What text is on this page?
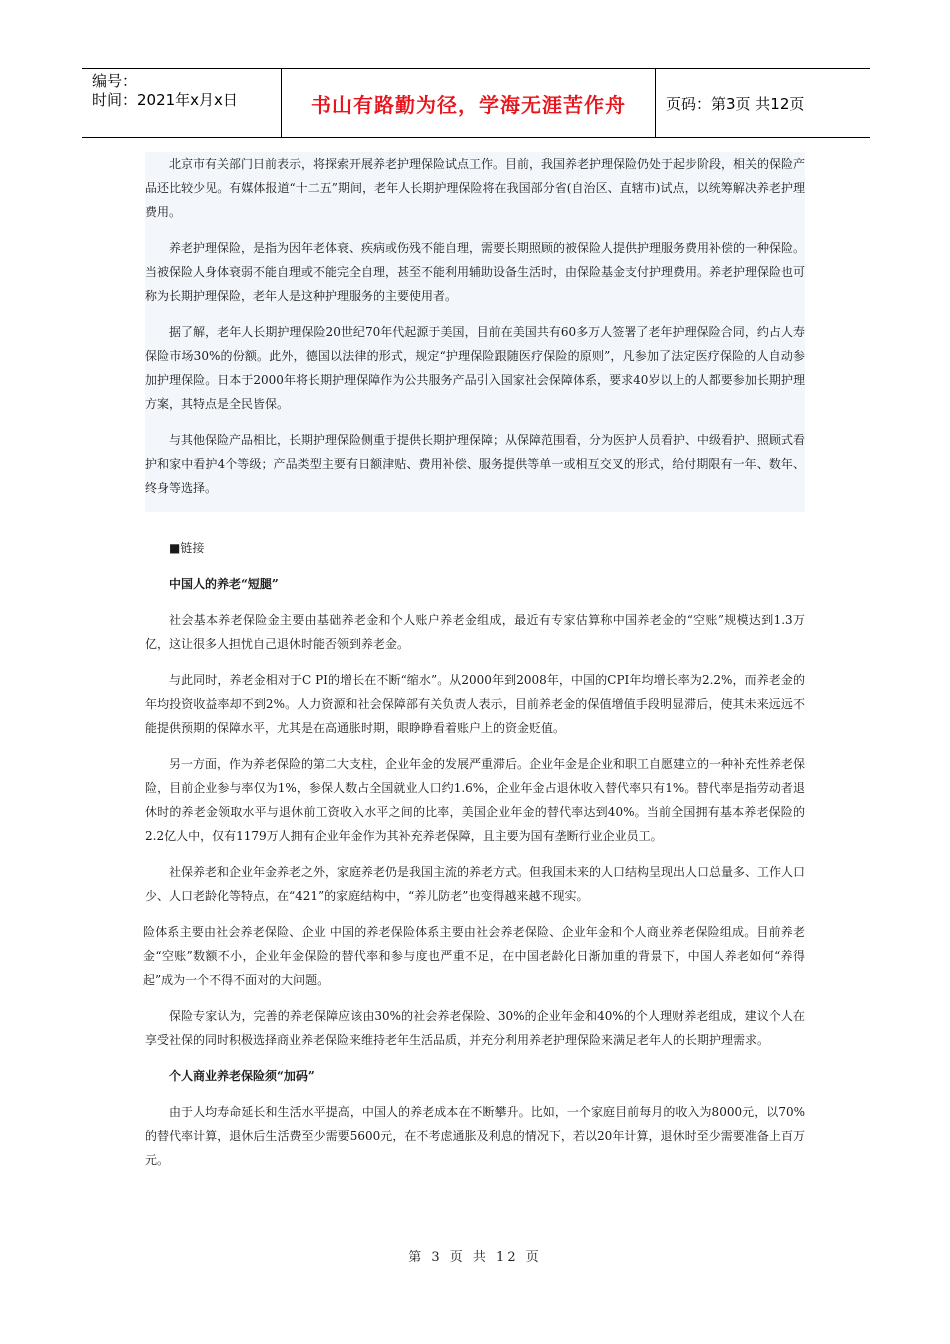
编号：
时间：2021年x月x日	书山有路勤为径，学海无涯苦作舟	页码：第3页 共12页

北京市有关部门日前表示，将探索开展养老护理保险试点工作。目前，我国养老护理保险仍处于起步阶段，相关的保险产品还比较少见。有媒体报道“十二五”期间，老年人长期护理保险将在我国部分省(自治区、直辖市)试点，以统筹解决养老护理费用。

养老护理保险，是指为因年老体衰、疾病或伤残不能自理，需要长期照顾的被保险人提供护理服务费用补偿的一种保险。当被保险人身体衰弱不能自理或不能完全自理，甚至不能利用辅助设备生活时，由保险基金支付护理费用。养老护理保险也可称为长期护理保险，老年人是这种护理服务的主要使用者。

据了解，老年人长期护理保险20世纪70年代起源于美国，目前在美国共有60多万人签署了老年护理保险合同，约占人寿保险市场30%的份额。此外，德国以法律的形式，规定“护理保险跟随医疗保险的原则”，凡参加了法定医疗保险的人自动参加护理保险。日本于2000年将长期护理保障作为公共服务产品引入国家社会保障体系，要求40岁以上的人都要参加长期护理方案，其特点是全民皆保。

与其他保险产品相比，长期护理保险侧重于提供长期护理保障；从保障范围看，分为医护人员看护、中级看护、照顾式看护和家中看护4个等级；产品类型主要有日额津贴、费用补偿、服务提供等单一或相互交叉的形式，给付期限有一年、数年、终身等选择。

■链接

中国人的养老“短腿”

社会基本养老保险金主要由基础养老金和个人账户养老金组成，最近有专家估算称中国养老金的“空账”规模达到1.3万亿，这让很多人担忧自己退休时能否领到养老金。

与此同时，养老金相对于C PI的增长在不断“缩水”。从2000年到2008年，中国的CPI年均增长率为2.2%，而养老金的年均投资收益率却不到2%。人力资源和社会保障部有关负责人表示，目前养老金的保值增值手段明显滞后，使其未来远远不能提供预期的保障水平，尤其是在高通胀时期，眼睁睁看着账户上的资金贬值。

另一方面，作为养老保险的第二大支柱，企业年金的发展严重滞后。企业年金是企业和职工自愿建立的一种补充性养老保险，目前企业参与率仅为1%，参保人数占全国就业人口约1.6%，企业年金占退休收入替代率只有1%。替代率是指劳动者退休时的养老金领取水平与退休前工资收入水平之间的比率，美国企业年金的替代率达到40%。当前全国拥有基本养老保险的2.2亿人中，仅有1179万人拥有企业年金作为其补充养老保障，且主要为国有垄断行业企业员工。

社保养老和企业年金养老之外，家庭养老仍是我国主流的养老方式。但我国未来的人口结构呈现出人口总量多、工作人口少、人口老龄化等特点，在“421”的家庭结构中，“养儿防老”也变得越来越不现实。

险体系主要由社会养老保险、企业 中国的养老保险体系主要由社会养老保险、企业年金和个人商业养老保险组成。目前养老金“空账”数额不小，企业年金保险的替代率和参与度也严重不足，在中国老龄化日渐加重的背景下，中国人养老如何“养得起”成为一个不得不面对的大问题。

保险专家认为，完善的养老保障应该由30%的社会养老保险、30%的企业年金和40%的个人理财养老组成，建议个人在享受社保的同时积极选择商业养老保险来维持老年生活品质，并充分利用养老护理保险来满足老年人的长期护理需求。

个人商业养老保险须“加码”

由于人均寿命延长和生活水平提高，中国人的养老成本在不断攀升。比如，一个家庭目前每月的收入为8000元，以70%的替代率计算，退休后生活费至少需要5600元，在不考虑通胀及利息的情况下，若以20年计算，退休时至少需要准备上百万元。

第 3 页 共 12 页
